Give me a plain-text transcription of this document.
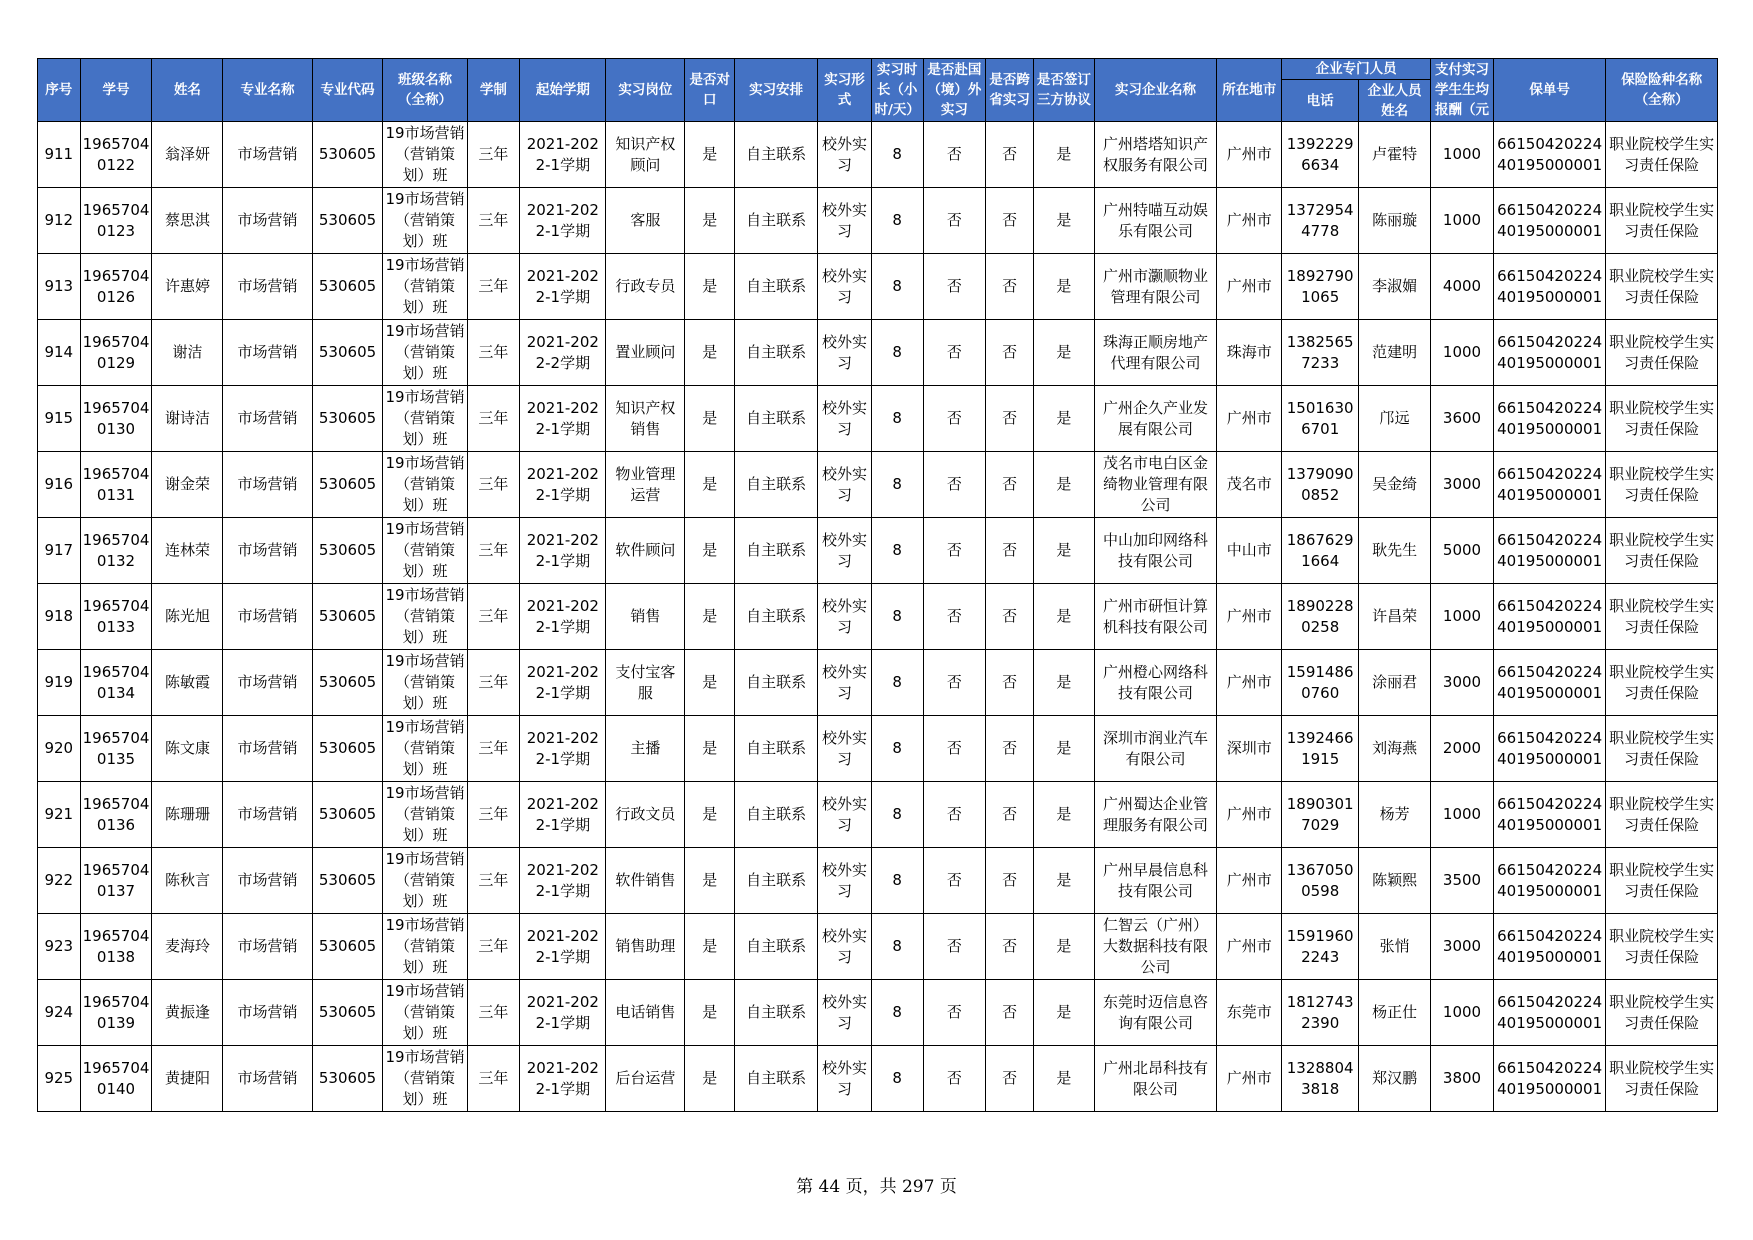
序号	学号	姓名	专业名称	专业代码	班级名称（全称）	学制	起始学期	实习岗位	是否对口	实习安排	实习形式	实习时长（小时/天）	是否赴国（境）外实习	是否跨省实习	是否签订三方协议	实习企业名称	所在地市	企业专门人员		支付实习学生生均报酬（元	保单号	保险险种名称（全称）
																		电话	企业人员姓名			

911	19657040122	翁泽妍	市场营销	530605	19市场营销（营销策划）班	三年	2021-2022-1学期	知识产权顾问	是	自主联系	校外实习	8	否	否	是	广州塔塔知识产权服务有限公司	广州市	13922296634	卢霍特	1000	6615042022440195000001	职业院校学生实习责任保险

912	19657040123	蔡思淇	市场营销	530605	19市场营销（营销策划）班	三年	2021-2022-1学期	客服	是	自主联系	校外实习	8	否	否	是	广州特喵互动娱乐有限公司	广州市	13729544778	陈丽璇	1000	6615042022440195000001	职业院校学生实习责任保险

913	19657040126	许惠婷	市场营销	530605	19市场营销（营销策划）班	三年	2021-2022-1学期	行政专员	是	自主联系	校外实习	8	否	否	是	广州市灏顺物业管理有限公司	广州市	18927901065	李淑媚	4000	6615042022440195000001	职业院校学生实习责任保险

914	19657040129	谢洁	市场营销	530605	19市场营销（营销策划）班	三年	2021-2022-2学期	置业顾问	是	自主联系	校外实习	8	否	否	是	珠海正顺房地产代理有限公司	珠海市	13825657233	范建明	1000	6615042022440195000001	职业院校学生实习责任保险

915	19657040130	谢诗洁	市场营销	530605	19市场营销（营销策划）班	三年	2021-2022-1学期	知识产权销售	是	自主联系	校外实习	8	否	否	是	广州企久产业发展有限公司	广州市	15016306701	邝远	3600	6615042022440195000001	职业院校学生实习责任保险

916	19657040131	谢金荣	市场营销	530605	19市场营销（营销策划）班	三年	2021-2022-1学期	物业管理运营	是	自主联系	校外实习	8	否	否	是	茂名市电白区金绮物业管理有限公司	茂名市	13790900852	吴金绮	3000	6615042022440195000001	职业院校学生实习责任保险

917	19657040132	连林荣	市场营销	530605	19市场营销（营销策划）班	三年	2021-2022-1学期	软件顾问	是	自主联系	校外实习	8	否	否	是	中山加印网络科技有限公司	中山市	18676291664	耿先生	5000	6615042022440195000001	职业院校学生实习责任保险

918	19657040133	陈光旭	市场营销	530605	19市场营销（营销策划）班	三年	2021-2022-1学期	销售	是	自主联系	校外实习	8	否	否	是	广州市研恒计算机科技有限公司	广州市	18902280258	许昌荣	1000	6615042022440195000001	职业院校学生实习责任保险

919	19657040134	陈敏霞	市场营销	530605	19市场营销（营销策划）班	三年	2021-2022-1学期	支付宝客服	是	自主联系	校外实习	8	否	否	是	广州橙心网络科技有限公司	广州市	15914860760	涂丽君	3000	6615042022440195000001	职业院校学生实习责任保险

920	19657040135	陈文康	市场营销	530605	19市场营销（营销策划）班	三年	2021-2022-1学期	主播	是	自主联系	校外实习	8	否	否	是	深圳市润业汽车有限公司	深圳市	13924661915	刘海燕	2000	6615042022440195000001	职业院校学生实习责任保险

921	19657040136	陈珊珊	市场营销	530605	19市场营销（营销策划）班	三年	2021-2022-1学期	行政文员	是	自主联系	校外实习	8	否	否	是	广州蜀达企业管理服务有限公司	广州市	18903017029	杨芳	1000	6615042022440195000001	职业院校学生实习责任保险

922	19657040137	陈秋言	市场营销	530605	19市场营销（营销策划）班	三年	2021-2022-1学期	软件销售	是	自主联系	校外实习	8	否	否	是	广州早晨信息科技有限公司	广州市	13670500598	陈颖熙	3500	6615042022440195000001	职业院校学生实习责任保险

923	19657040138	麦海玲	市场营销	530605	19市场营销（营销策划）班	三年	2021-2022-1学期	销售助理	是	自主联系	校外实习	8	否	否	是	仁智云（广州）大数据科技有限公司	广州市	15919602243	张悄	3000	6615042022440195000001	职业院校学生实习责任保险

924	19657040139	黄振逢	市场营销	530605	19市场营销（营销策划）班	三年	2021-2022-1学期	电话销售	是	自主联系	校外实习	8	否	否	是	东莞时迈信息咨询有限公司	东莞市	18127432390	杨正仕	1000	6615042022440195000001	职业院校学生实习责任保险

925	19657040140	黄捷阳	市场营销	530605	19市场营销（营销策划）班	三年	2021-2022-1学期	后台运营	是	自主联系	校外实习	8	否	否	是	广州北昂科技有限公司	广州市	13288043818	郑汉鹏	3800	6615042022440195000001	职业院校学生实习责任保险
第 44 页，共 297 页
